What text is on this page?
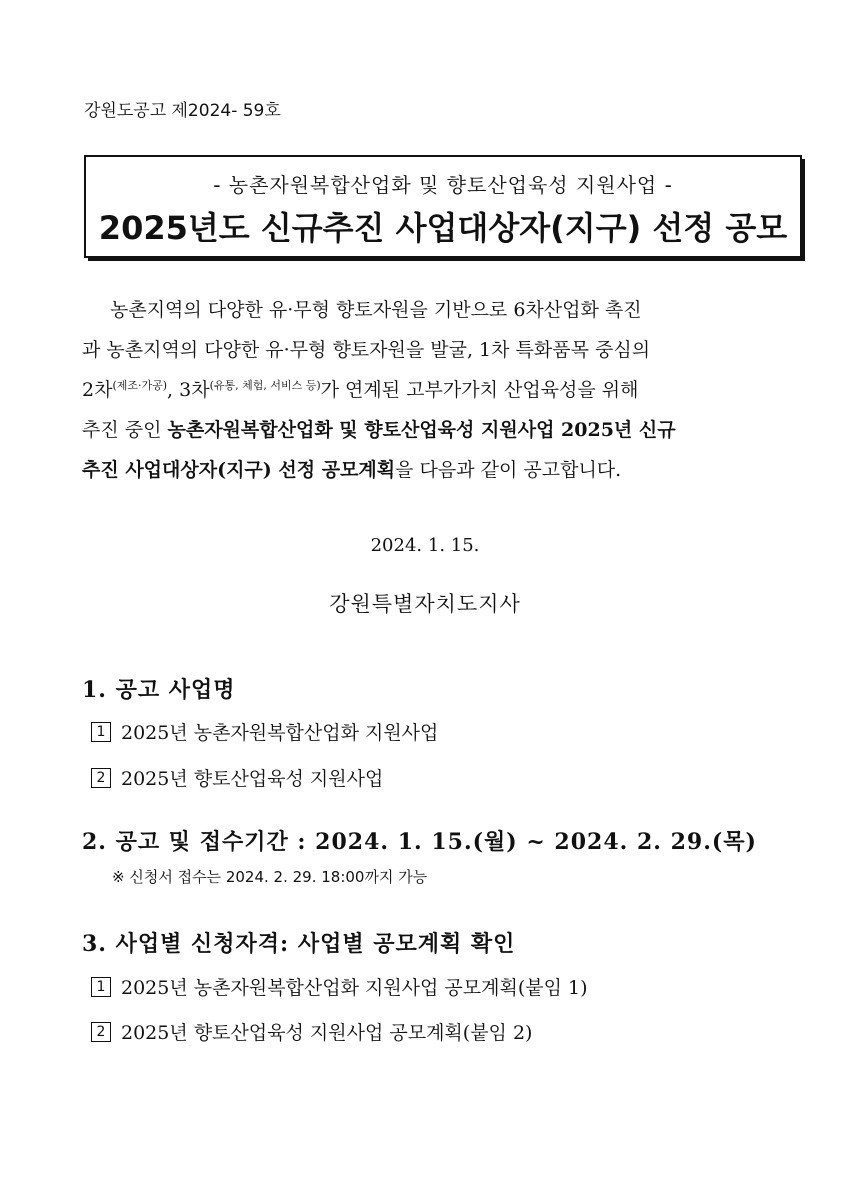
강원도공고 제2024- 59호
- 농촌자원복합산업화 및 향토산업육성 지원사업 -
2025년도 신규추진 사업대상자(지구) 선정 공모
농촌지역의 다양한 유·무형 향토자원을 기반으로 6차산업화 촉진
과 농촌지역의 다양한 유·무형 향토자원을 발굴, 1차 특화품목 중심의
2차$^{(제조\cdot 가공)}$, 3차$^{(유통, 체험, 서비스 등)}$가 연계된 고부가가치 산업육성을 위해
추진 중인 농촌자원복합산업화 및 향토산업육성 지원사업 2025년 신규
추진 사업대상자(지구) 선정 공모계획을 다음과 같이 공고합니다.
2024. 1. 15.
강원특별자치도지사
1. 공고 사업명
1 2025년 농촌자원복합산업화 지원사업
2 2025년 향토산업육성 지원사업
2. 공고 및 접수기간 : 2024. 1. 15.(월) ~ 2024. 2. 29.(목)
※ 신청서 접수는 2024. 2. 29. 18:00까지 가능
3. 사업별 신청자격: 사업별 공모계획 확인
1 2025년 농촌자원복합산업화 지원사업 공모계획(붙임 1)
2 2025년 향토산업육성 지원사업 공모계획(붙임 2)
